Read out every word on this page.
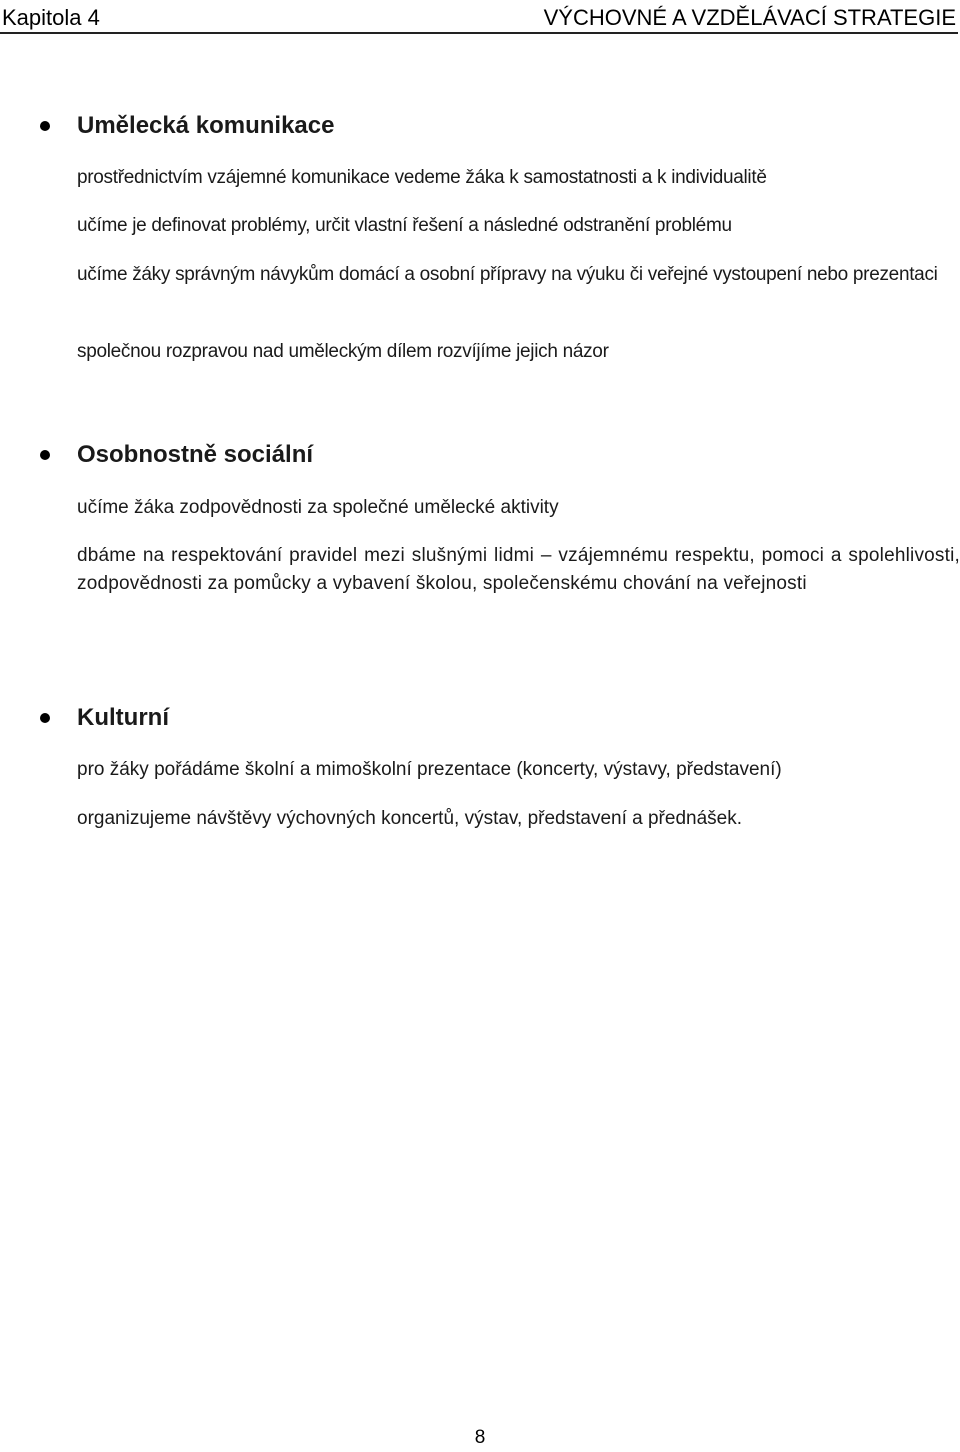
Kapitola 4	VÝCHOVNÉ A VZDĚLÁVACÍ STRATEGIE
Umělecká komunikace
prostřednictvím vzájemné komunikace vedeme žáka k samostatnosti a k individualitě
učíme je definovat problémy, určit vlastní řešení a následné odstranění problému
učíme žáky správným návykům domácí a osobní přípravy na výuku či veřejné vystoupení nebo prezentaci
společnou rozpravou nad uměleckým dílem rozvíjíme jejich názor
Osobnostně sociální
učíme žáka zodpovědnosti za společné umělecké aktivity
dbáme na respektování pravidel mezi slušnými lidmi – vzájemnému respektu, pomoci a spolehlivosti, zodpovědnosti za pomůcky a vybavení školou, společenskému chování na veřejnosti
Kulturní
pro žáky pořádáme školní a mimoškolní prezentace (koncerty, výstavy, představení)
organizujeme návštěvy výchovných koncertů, výstav, představení a přednášek.
8
